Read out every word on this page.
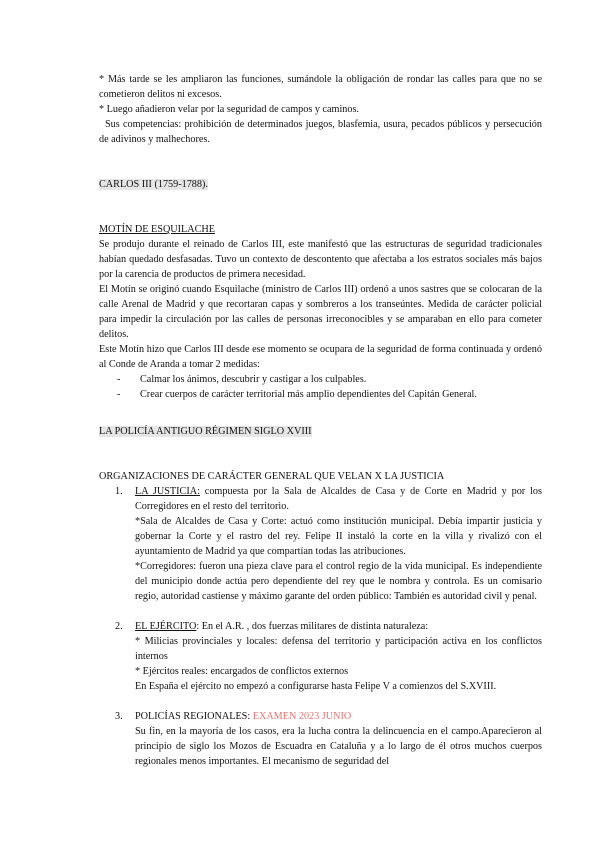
* Más tarde se les ampliaron las funciones, sumándole la obligación de rondar las calles para que no se cometieron delitos ni excesos.

* Luego añadieron velar por la seguridad de campos y caminos.

Sus competencias: prohibición de determinados juegos, blasfemia, usura, pecados públicos y persecución de adivinos y malhechores.

CARLOS III (1759-1788).

MOTÍN DE ESQUILACHE

Se produjo durante el reinado de Carlos III, este manifestó que las estructuras de seguridad tradicionales habían quedado desfasadas. Tuvo un contexto de descontento que afectaba a los estratos sociales más bajos por la carencia de productos de primera necesidad.

El Motín se originó cuando Esquilache (ministro de Carlos III) ordenó a unos sastres que se colocaran de la calle Arenal de Madrid y que recortaran capas y sombreros a los transeúntes. Medida de carácter policial para impedir la circulación por las calles de personas irreconocibles y se amparaban en ello para cometer delitos.

Este Motín hizo que Carlos III desde ese momento se ocupara de la seguridad de forma continuada y ordenó al Conde de Aranda a tomar 2 medidas:

- Calmar los ánimos, descubrir y castigar a los culpables.
- Crear cuerpos de carácter territorial más amplio dependientes del Capitán General.

LA POLICÍA ANTIGUO RÉGIMEN SIGLO XVIII

ORGANIZACIONES DE CARÁCTER GENERAL QUE VELAN X LA JUSTICIA

1. LA JUSTICIA: compuesta por la Sala de Alcaldes de Casa y de Corte en Madrid y por los Corregidores en el resto del territorio.

*Sala de Alcaldes de Casa y Corte: actuó como institución municipal. Debía impartir justicia y gobernar la Corte y el rastro del rey. Felipe II instaló la corte en la villa y rivalizó con el ayuntamiento de Madrid ya que compartían todas las atribuciones.

*Corregidores: fueron una pieza clave para el control regio de la vida municipal. Es independiente del municipio donde actúa pero dependiente del rey que le nombra y controla. Es un comisario regio, autoridad castiense y máximo garante del orden público: También es autoridad civil y penal.

2. EL EJÉRCITO: En el A.R. , dos fuerzas militares de distinta naturaleza:

* Milicias provinciales y locales: defensa del territorio y participación activa en los conflictos internos

* Ejércitos reales: encargados de conflictos externos

En España el ejército no empezó a configurarse hasta Felipe V a comienzos del S.XVIII.

3. POLICÍAS REGIONALES: EXAMEN 2023 JUNIO

Su fin, en la mayoría de los casos, era la lucha contra la delincuencia en el campo.Aparecieron al principio de siglo los Mozos de Escuadra en Cataluña y a lo largo de él otros muchos cuerpos regionales menos importantes. El mecanismo de seguridad del
